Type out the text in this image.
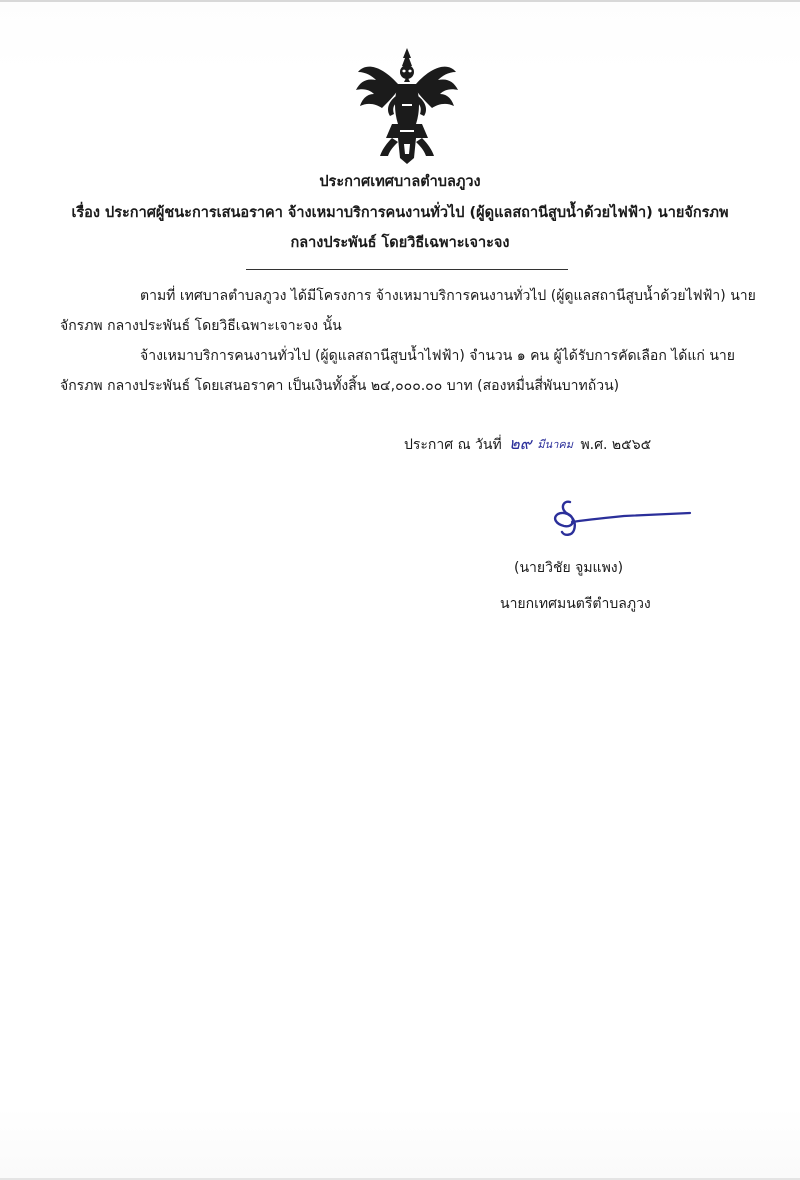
ประกาศเทศบาลตำบลภูวง
เรื่อง ประกาศผู้ชนะการเสนอราคา จ้างเหมาบริการคนงานทั่วไป (ผู้ดูแลสถานีสูบน้ำด้วยไฟฟ้า) นายจักรภพ
กลางประพันธ์ โดยวิธีเฉพาะเจาะจง
ตามที่ เทศบาลตำบลภูวง ได้มีโครงการ จ้างเหมาบริการคนงานทั่วไป (ผู้ดูแลสถานีสูบน้ำด้วยไฟฟ้า) นาย
จักรภพ กลางประพันธ์ โดยวิธีเฉพาะเจาะจง นั้น
จ้างเหมาบริการคนงานทั่วไป (ผู้ดูแลสถานีสูบน้ำไฟฟ้า) จำนวน ๑ คน ผู้ได้รับการคัดเลือก ได้แก่ นาย
จักรภพ กลางประพันธ์ โดยเสนอราคา เป็นเงินทั้งสิ้น ๒๔,๐๐๐.๐๐ บาท (สองหมื่นสี่พันบาทถ้วน)
ประกาศ ณ วันที่ ๒๙ มีนาคม พ.ศ. ๒๕๖๕
(นายวิชัย จูมแพง)
นายกเทศมนตรีตำบลภูวง
